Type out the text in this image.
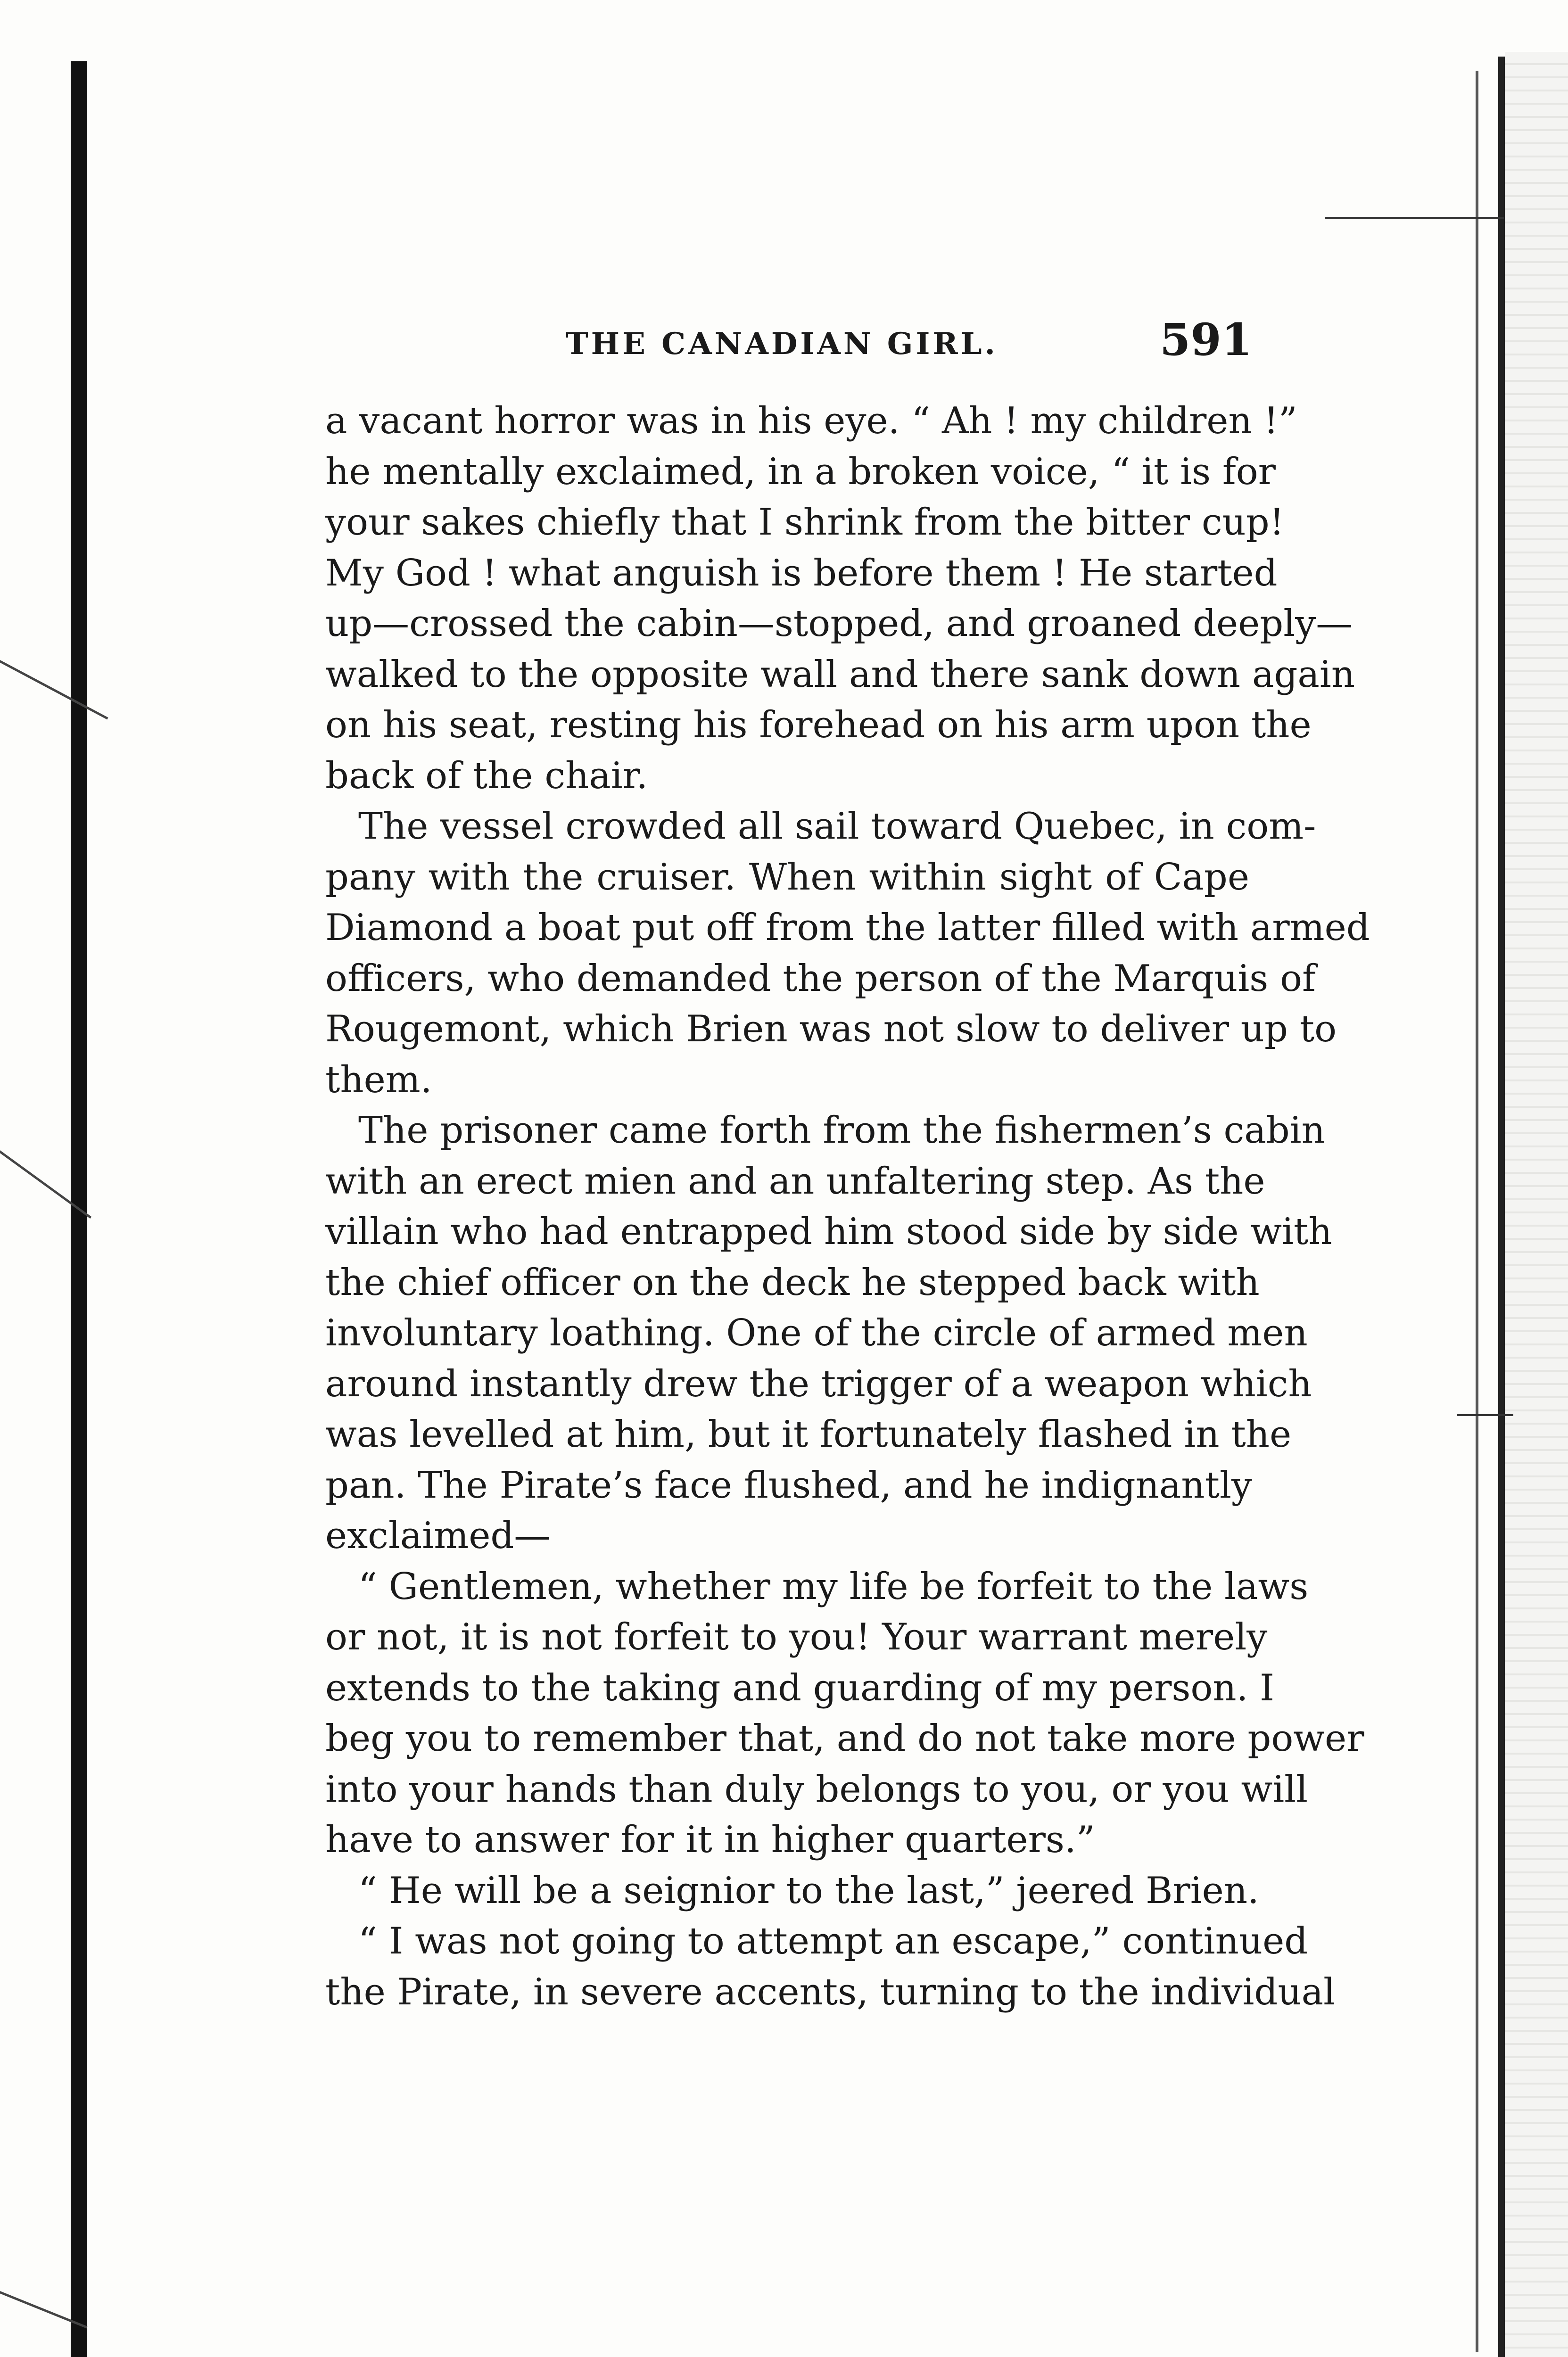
THE CANADIAN GIRL.	591
a vacant horror was in his eye. “ Ah ! my children !”
he mentally exclaimed, in a broken voice, “ it is for
your sakes chiefly that I shrink from the bitter cup!
My God ! what anguish is before them ! He started
up—crossed the cabin—stopped, and groaned deeply—
walked to the opposite wall and there sank down again
on his seat, resting his forehead on his arm upon the
back of the chair.
The vessel crowded all sail toward Quebec, in com-
pany with the cruiser. When within sight of Cape
Diamond a boat put off from the latter filled with armed
officers, who demanded the person of the Marquis of
Rougemont, which Brien was not slow to deliver up to
them.
The prisoner came forth from the fishermen’s cabin
with an erect mien and an unfaltering step. As the
villain who had entrapped him stood side by side with
the chief officer on the deck he stepped back with
involuntary loathing. One of the circle of armed men
around instantly drew the trigger of a weapon which
was levelled at him, but it fortunately flashed in the
pan. The Pirate’s face flushed, and he indignantly
exclaimed—
“ Gentlemen, whether my life be forfeit to the laws
or not, it is not forfeit to you! Your warrant merely
extends to the taking and guarding of my person. I
beg you to remember that, and do not take more power
into your hands than duly belongs to you, or you will
have to answer for it in higher quarters.”
“ He will be a seignior to the last,” jeered Brien.
“ I was not going to attempt an escape,” continued
the Pirate, in severe accents, turning to the individual
